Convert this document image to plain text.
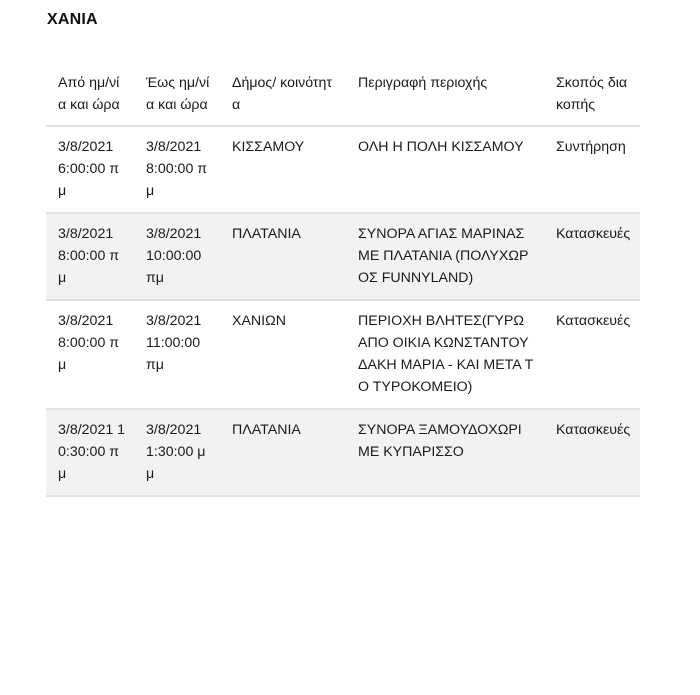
ΧΑΝΙΑ
Από ημ/νία και ώρα	Έως ημ/νία και ώρα	Δήμος/ κοινότητα	Περιγραφή περιοχής	Σκοπός διακοπής

3/8/2021 6:00:00 πμ	3/8/2021 8:00:00 πμ	ΚΙΣΣΑΜΟΥ	ΟΛΗ Η ΠΟΛΗ ΚΙΣΣΑΜΟΥ	Συντήρηση
3/8/2021 8:00:00 πμ	3/8/2021 10:00:00 πμ	ΠΛΑΤΑΝΙΑ	ΣΥΝΟΡΑ ΑΓΙΑΣ ΜΑΡΙΝΑΣ ΜΕ ΠΛΑΤΑΝΙΑ (ΠΟΛΥΧΩΡΟΣ FUNNYLAND)	Κατασκευές
3/8/2021 8:00:00 πμ	3/8/2021 11:00:00 πμ	ΧΑΝΙΩΝ	ΠΕΡΙΟΧΗ ΒΛΗΤΕΣ(ΓΥΡΩ ΑΠΟ ΟΙΚΙΑ ΚΩΝΣΤΑΝΤΟΥΔΑΚΗ ΜΑΡΙΑ - ΚΑΙ ΜΕΤΑ ΤΟ ΤΥΡΟΚΟΜΕΙΟ)	Κατασκευές
3/8/2021 10:30:00 πμ	3/8/2021 1:30:00 μμ	ΠΛΑΤΑΝΙΑ	ΣΥΝΟΡΑ ΞΑΜΟΥΔΟΧΩΡΙ ΜΕ ΚΥΠΑΡΙΣΣΟ	Κατασκευές
